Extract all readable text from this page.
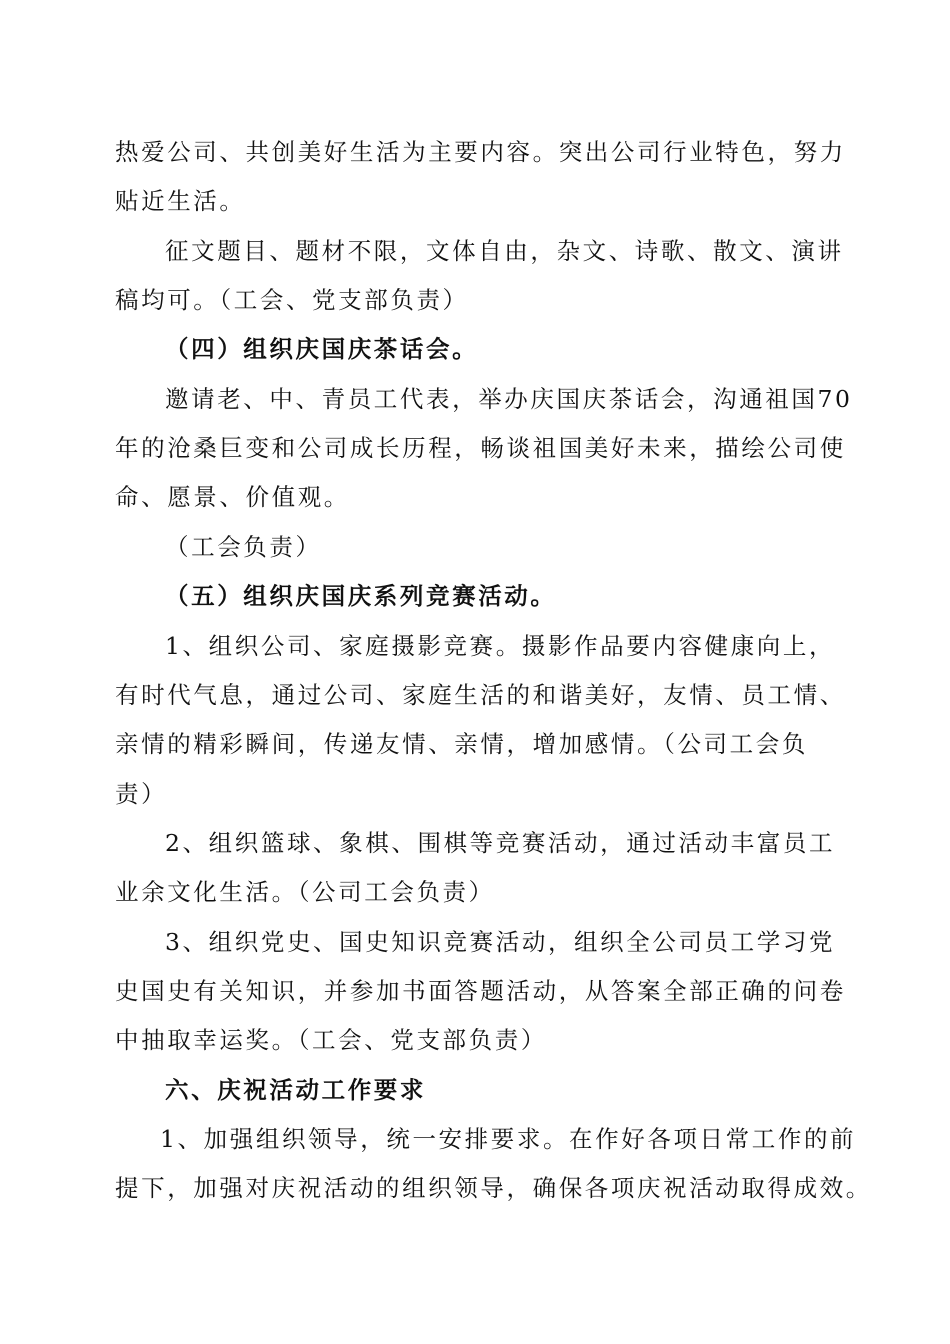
热爱公司、共创美好生活为主要内容。突出公司行业特色，努力
贴近生活。
征文题目、题材不限，文体自由，杂文、诗歌、散文、演讲
稿均可。（工会、党支部负责）
（四）组织庆国庆茶话会。
邀请老、中、青员工代表，举办庆国庆茶话会，沟通祖国70
年的沧桑巨变和公司成长历程，畅谈祖国美好未来，描绘公司使
命、愿景、价值观。
（工会负责）
（五）组织庆国庆系列竞赛活动。
1、组织公司、家庭摄影竞赛。摄影作品要内容健康向上，
有时代气息，通过公司、家庭生活的和谐美好，友情、员工情、
亲情的精彩瞬间，传递友情、亲情，增加感情。（公司工会负
责）
2、组织篮球、象棋、围棋等竞赛活动，通过活动丰富员工
业余文化生活。（公司工会负责）
3、组织党史、国史知识竞赛活动，组织全公司员工学习党
史国史有关知识，并参加书面答题活动，从答案全部正确的问卷
中抽取幸运奖。（工会、党支部负责）
六、庆祝活动工作要求
1、加强组织领导，统一安排要求。在作好各项日常工作的前
提下，加强对庆祝活动的组织领导，确保各项庆祝活动取得成效。
